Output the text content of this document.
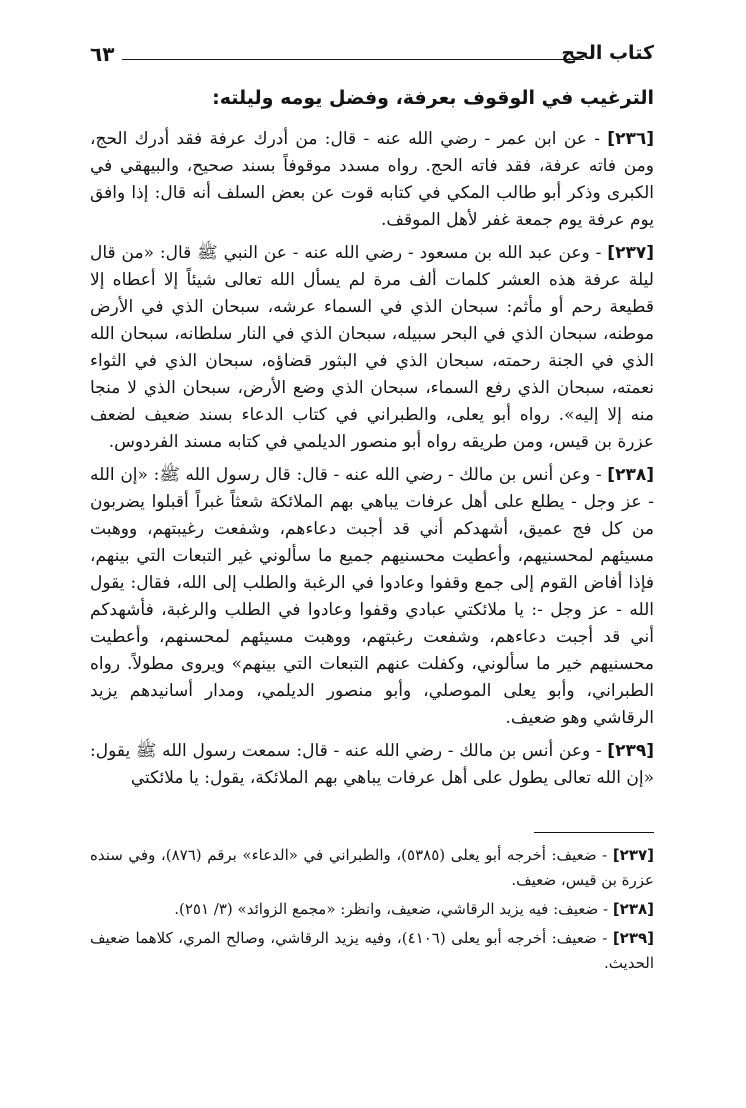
كتاب الحج
٦٣
الترغيب في الوقوف بعرفة، وفضل يومه وليلته:

[٢٣٦] - عن ابن عمر - رضي الله عنه - قال: من أدرك عرفة فقد أدرك الحج، ومن فاته عرفة، فقد فاته الحج. رواه مسدد موقوفاً بسند صحيح، والبيهقي في الكبرى وذكر أبو طالب المكي في كتابه قوت عن بعض السلف أنه قال: إذا وافق يوم عرفة يوم جمعة غفر لأهل الموقف.

[٢٣٧] - وعن عبد الله بن مسعود - رضي الله عنه - عن النبي ﷺ قال: «من قال ليلة عرفة هذه العشر كلمات ألف مرة لم يسأل الله تعالى شيئاً إلا أعطاه إلا قطيعة رحم أو مأثم: سبحان الذي في السماء عرشه، سبحان الذي في الأرض موطنه، سبحان الذي في البحر سبيله، سبحان الذي في النار سلطانه، سبحان الله الذي في الجنة رحمته، سبحان الذي في البثور قضاؤه، سبحان الذي في الثواء نعمته، سبحان الذي رفع السماء، سبحان الذي وضع الأرض، سبحان الذي لا منجا منه إلا إليه». رواه أبو يعلى، والطبراني في كتاب الدعاء بسند ضعيف لضعف عزرة بن قيس، ومن طريقه رواه أبو منصور الديلمي في كتابه مسند الفردوس.

[٢٣٨] - وعن أنس بن مالك - رضي الله عنه - قال: قال رسول الله ﷺ: «إن الله - عز وجل - يطلع على أهل عرفات يباهي بهم الملائكة شعثاً غبراً أقبلوا يضربون من كل فج عميق، أشهدكم أني قد أجبت دعاءهم، وشفعت رغيبتهم، ووهبت مسيئهم لمحسنيهم، وأعطيت محسنيهم جميع ما سألوني غير التبعات التي بينهم، فإذا أفاض القوم إلى جمع وقفوا وعادوا في الرغبة والطلب إلى الله، فقال: يقول الله - عز وجل -: يا ملائكتي عبادي وقفوا وعادوا في الطلب والرغبة، فأشهدكم أني قد أجبت دعاءهم، وشفعت رغبتهم، ووهبت مسيئهم لمحسنهم، وأعطيت محسنيهم خير ما سألوني، وكفلت عنهم التبعات التي بينهم» ويروى مطولاً. رواه الطبراني، وأبو يعلى الموصلي، وأبو منصور الديلمي، ومدار أسانيدهم يزيد الرقاشي وهو ضعيف.

[٢٣٩] - وعن أنس بن مالك - رضي الله عنه - قال: سمعت رسول الله ﷺ يقول: «إن الله تعالى يطول على أهل عرفات يباهي بهم الملائكة، يقول: يا ملائكتي

[٢٣٧] - ضعيف: أخرجه أبو يعلى (٥٣٨٥)، والطبراني في «الدعاء» برقم (٨٧٦)، وفي سنده عزرة بن قيس، ضعيف.

[٢٣٨] - ضعيف: فيه يزيد الرقاشي، ضعيف، وانظر: «مجمع الزوائد» (٣/ ٢٥١).

[٢٣٩] - ضعيف: أخرجه أبو يعلى (٤١٠٦)، وفيه يزيد الرقاشي، وصالح المري، كلاهما ضعيف الحديث.
